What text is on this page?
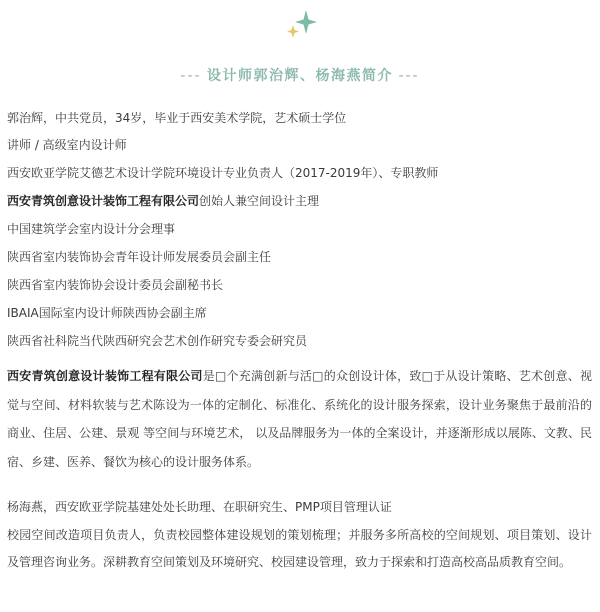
--- 设计师郭治辉、杨海燕简介 ---
郭治辉，中共党员，34岁，毕业于西安美术学院，艺术硕士学位
讲师 / 高级室内设计师
西安欧亚学院艾德艺术设计学院环境设计专业负责人（2017-2019年）、专职教师
西安青筑创意设计装饰工程有限公司创始人兼空间设计主理
中国建筑学会室内设计分会理事
陕西省室内装饰协会青年设计师发展委员会副主任
陕西省室内装饰协会设计委员会副秘书长
IBAIA国际室内设计师陕西协会副主席
陕西省社科院当代陕西研究会艺术创作研究专委会研究员
西安青筑创意设计装饰工程有限公司是□个充满创新与活□的众创设计体，致□于从设计策略、艺术创意、视觉与空间、材料软装与艺术陈设为一体的定制化、标准化、系统化的设计服务探索，设计业务聚焦于最前沿的商业、住居、公建、景观 等空间与环境艺术， 以及品牌服务为一体的全案设计，并逐渐形成以展陈、文教、民宿、乡建、医养、餐饮为核心的设计服务体系。
杨海燕，西安欧亚学院基建处处长助理、在职研究生、PMP项目管理认证
校园空间改造项目负责人，负责校园整体建设规划的策划梳理；并服务多所高校的空间规划、项目策划、设计及管理咨询业务。深耕教育空间策划及环境研究、校园建设管理，致力于探索和打造高校高品质教育空间。
